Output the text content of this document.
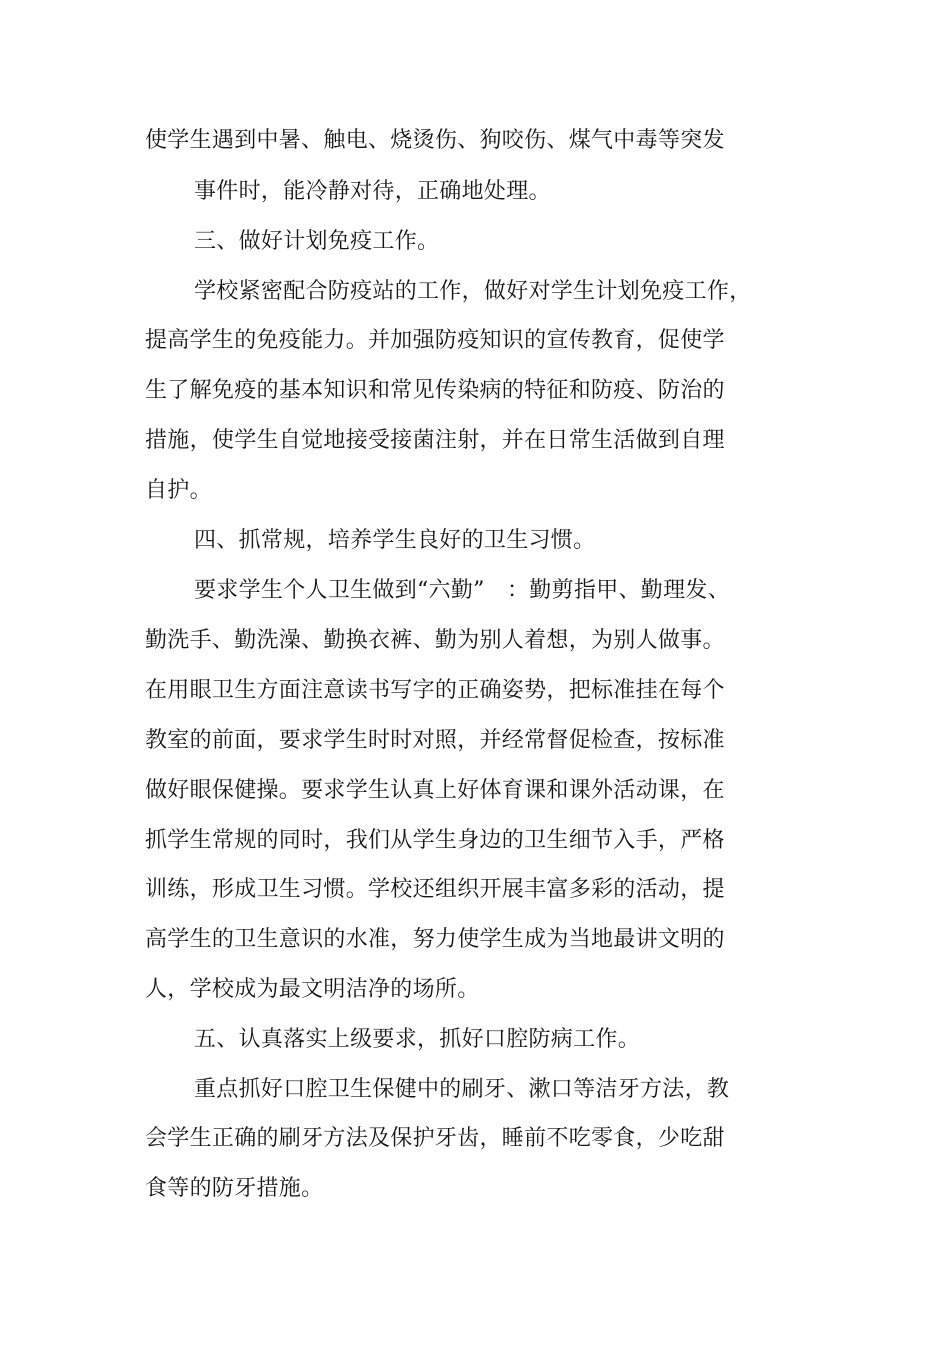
使学生遇到中暑、触电、烧烫伤、狗咬伤、煤气中毒等突发
事件时，能冷静对待，正确地处理。
三、做好计划免疫工作。
学校紧密配合防疫站的工作，做好对学生计划免疫工作，
提高学生的免疫能力。并加强防疫知识的宣传教育，促使学
生了解免疫的基本知识和常见传染病的特征和防疫、防治的
措施，使学生自觉地接受接菌注射，并在日常生活做到自理
自护。
四、抓常规，培养学生良好的卫生习惯。
要求学生个人卫生做到“六勤”　：勤剪指甲、勤理发、
勤洗手、勤洗澡、勤换衣裤、勤为别人着想，为别人做事。
在用眼卫生方面注意读书写字的正确姿势，把标准挂在每个
教室的前面，要求学生时时对照，并经常督促检查，按标准
做好眼保健操。要求学生认真上好体育课和课外活动课，在
抓学生常规的同时，我们从学生身边的卫生细节入手，严格
训练，形成卫生习惯。学校还组织开展丰富多彩的活动，提
高学生的卫生意识的水准，努力使学生成为当地最讲文明的
人，学校成为最文明洁净的场所。
五、认真落实上级要求，抓好口腔防病工作。
重点抓好口腔卫生保健中的刷牙、漱口等洁牙方法，教
会学生正确的刷牙方法及保护牙齿，睡前不吃零食，少吃甜
食等的防牙措施。
